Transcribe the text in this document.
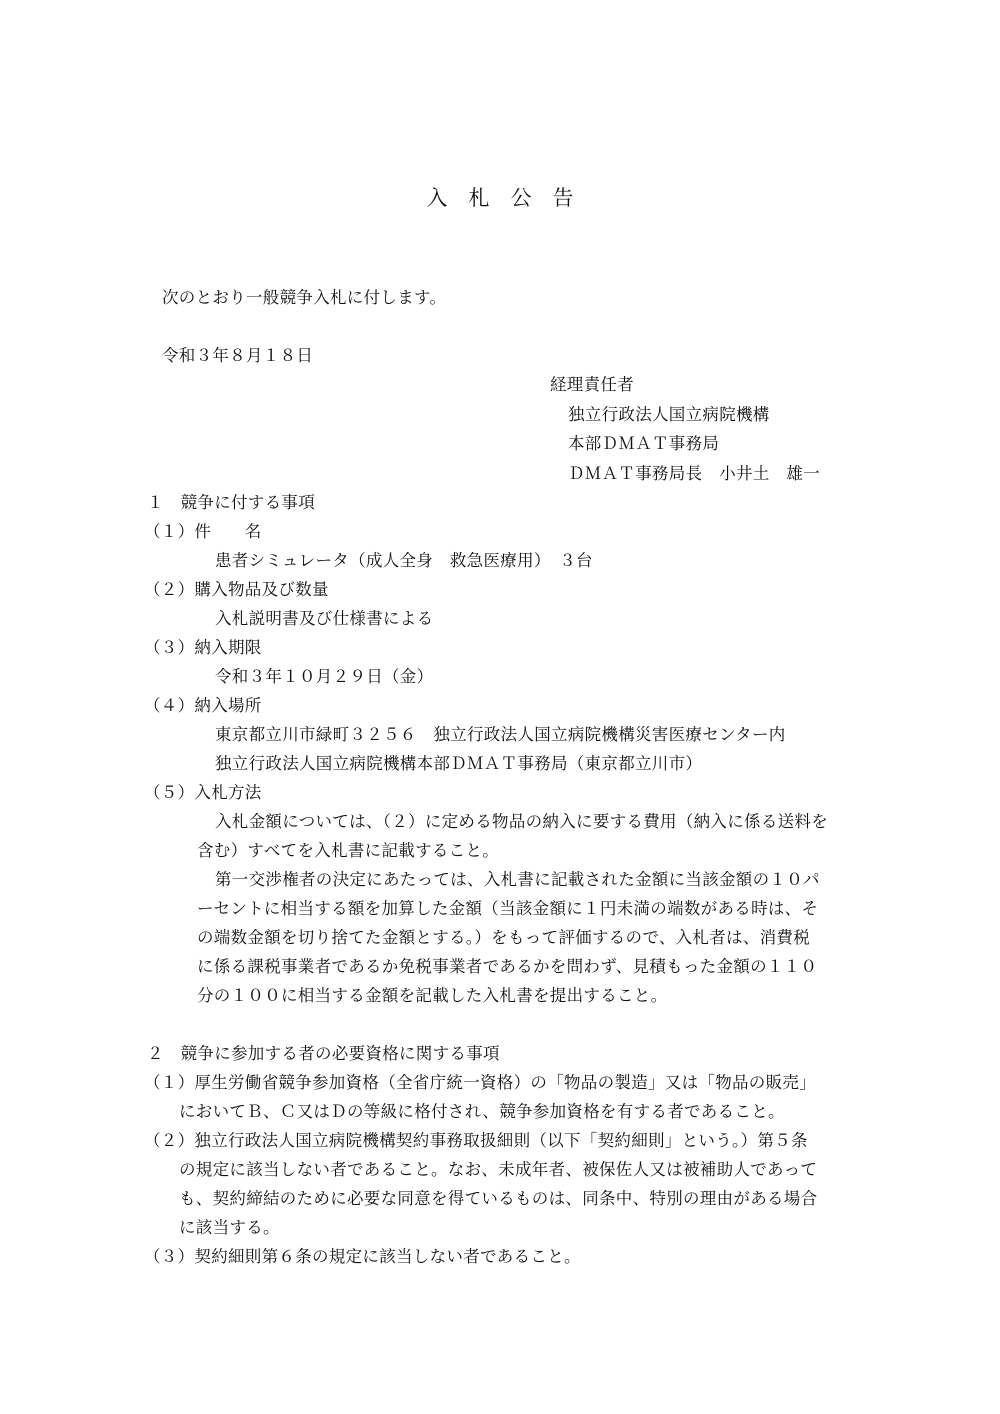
入　札　公　告
次のとおり一般競争入札に付します。
令和３年８月１８日
経理責任者
独立行政法人国立病院機構
本部ＤＭＡＴ事務局
ＤＭＡＴ事務局長　小井土　雄一
１　競争に付する事項
（１）件　　名
患者シミュレータ（成人全身　救急医療用）　３台
（２）購入物品及び数量
入札説明書及び仕様書による
（３）納入期限
令和３年１０月２９日（金）
（４）納入場所
東京都立川市緑町３２５６　独立行政法人国立病院機構災害医療センター内
独立行政法人国立病院機構本部ＤＭＡＴ事務局（東京都立川市）
（５）入札方法
入札金額については、（２）に定める物品の納入に要する費用（納入に係る送料を
含む）すべてを入札書に記載すること。
第一交渉権者の決定にあたっては、入札書に記載された金額に当該金額の１０パ
ーセントに相当する額を加算した金額（当該金額に１円未満の端数がある時は、そ
の端数金額を切り捨てた金額とする。）をもって評価するので、入札者は、消費税
に係る課税事業者であるか免税事業者であるかを問わず、見積もった金額の１１０
分の１００に相当する金額を記載した入札書を提出すること。
２　競争に参加する者の必要資格に関する事項
（１）厚生労働省競争参加資格（全省庁統一資格）の「物品の製造」又は「物品の販売」
においてＢ、Ｃ又はＤの等級に格付され、競争参加資格を有する者であること。
（２）独立行政法人国立病院機構契約事務取扱細則（以下「契約細則」という。）第５条
の規定に該当しない者であること。なお、未成年者、被保佐人又は被補助人であって
も、契約締結のために必要な同意を得ているものは、同条中、特別の理由がある場合
に該当する。
（３）契約細則第６条の規定に該当しない者であること。
